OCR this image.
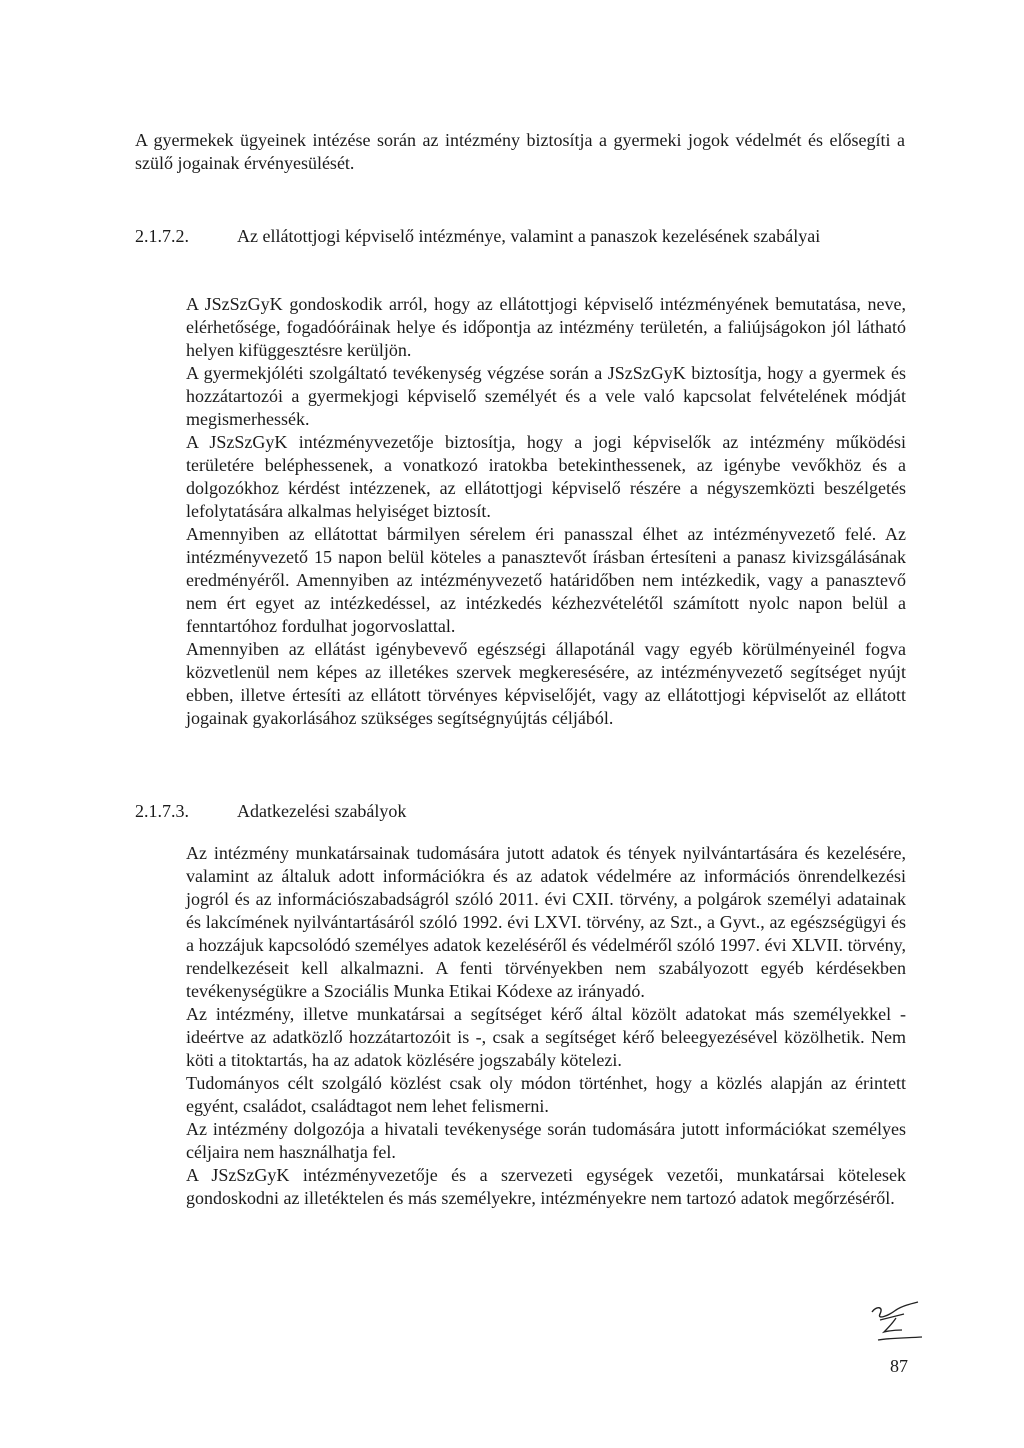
A gyermekek ügyeinek intézése során az intézmény biztosítja a gyermeki jogok védelmét és elősegíti a szülő jogainak érvényesülését.

2.1.7.2.	Az ellátottjogi képviselő intézménye, valamint a panaszok kezelésének szabályai

A JSzSzGyK gondoskodik arról, hogy az ellátottjogi képviselő intézményének bemutatása, neve, elérhetősége, fogadóóráinak helye és időpontja az intézmény területén, a faliújságokon jól látható helyen kifüggesztésre kerüljön.

A gyermekjóléti szolgáltató tevékenység végzése során a JSzSzGyK biztosítja, hogy a gyermek és hozzátartozói a gyermekjogi képviselő személyét és a vele való kapcsolat felvételének módját megismerhessék.

A JSzSzGyK intézményvezetője biztosítja, hogy a jogi képviselők az intézmény működési területére beléphessenek, a vonatkozó iratokba betekinthessenek, az igénybe vevőkhöz és a dolgozókhoz kérdést intézzenek, az ellátottjogi képviselő részére a négyszemközti beszélgetés lefolytatására alkalmas helyiséget biztosít.

Amennyiben az ellátottat bármilyen sérelem éri panasszal élhet az intézményvezető felé. Az intézményvezető 15 napon belül köteles a panasztevőt írásban értesíteni a panasz kivizsgálásának eredményéről. Amennyiben az intézményvezető határidőben nem intézkedik, vagy a panasztevő nem ért egyet az intézkedéssel, az intézkedés kézhezvételétől számított nyolc napon belül a fenntartóhoz fordulhat jogorvoslattal.

Amennyiben az ellátást igénybevevő egészségi állapotánál vagy egyéb körülményeinél fogva közvetlenül nem képes az illetékes szervek megkeresésére, az intézményvezető segítséget nyújt ebben, illetve értesíti az ellátott törvényes képviselőjét, vagy az ellátottjogi képviselőt az ellátott jogainak gyakorlásához szükséges segítségnyújtás céljából.

2.1.7.3.	Adatkezelési szabályok

Az intézmény munkatársainak tudomására jutott adatok és tények nyilvántartására és kezelésére, valamint az általuk adott információkra és az adatok védelmére az információs önrendelkezési jogról és az információszabadságról szóló 2011. évi CXII. törvény, a polgárok személyi adatainak és lakcímének nyilvántartásáról szóló 1992. évi LXVI. törvény, az Szt., a Gyvt., az egészségügyi és a hozzájuk kapcsolódó személyes adatok kezeléséről és védelméről szóló 1997. évi XLVII. törvény, rendelkezéseit kell alkalmazni. A fenti törvényekben nem szabályozott egyéb kérdésekben tevékenységükre a Szociális Munka Etikai Kódexe az irányadó.

Az intézmény, illetve munkatársai a segítséget kérő által közölt adatokat más személyekkel - ideértve az adatközlő hozzátartozóit is -, csak a segítséget kérő beleegyezésével közölhetik. Nem köti a titoktartás, ha az adatok közlésére jogszabály kötelezi.

Tudományos célt szolgáló közlést csak oly módon történhet, hogy a közlés alapján az érintett egyént, családot, családtagot nem lehet felismerni.

Az intézmény dolgozója a hivatali tevékenysége során tudomására jutott információkat személyes céljaira nem használhatja fel.

A JSzSzGyK intézményvezetője és a szervezeti egységek vezetői, munkatársai kötelesek gondoskodni az illetéktelen és más személyekre, intézményekre nem tartozó adatok megőrzéséről.

87
